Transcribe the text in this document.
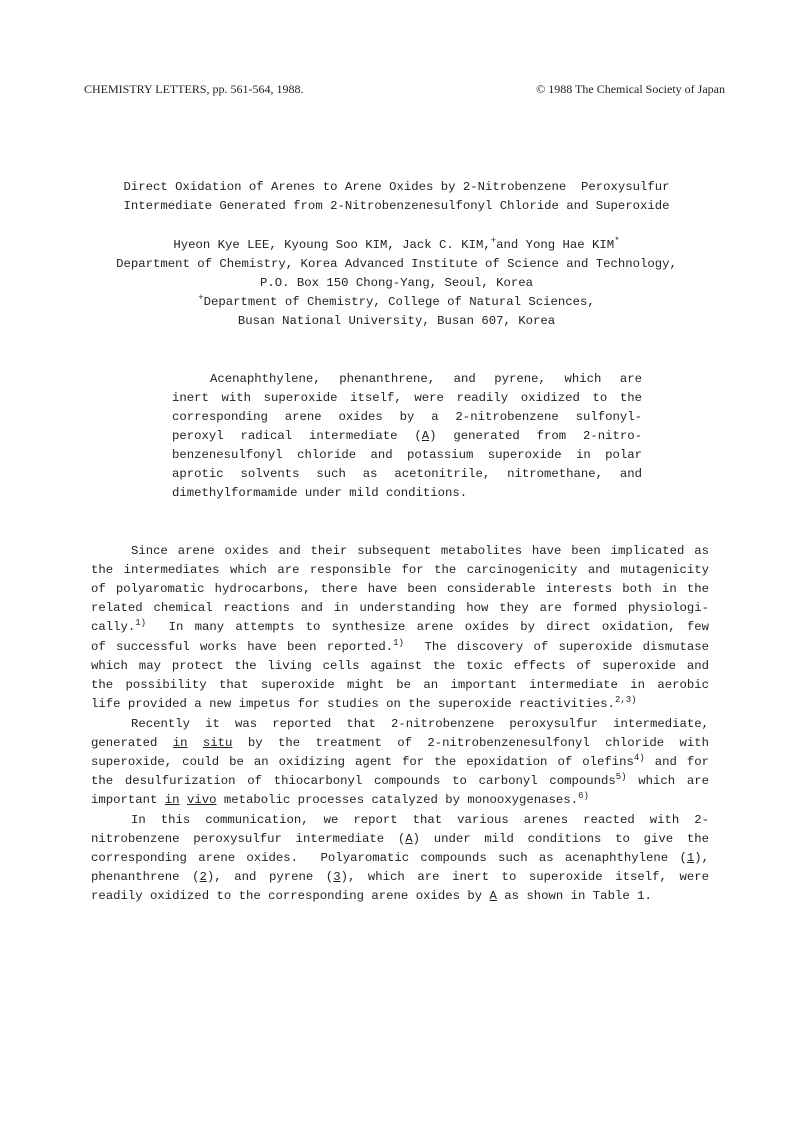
CHEMISTRY LETTERS, pp. 561-564, 1988.	© 1988 The Chemical Society of Japan
Direct Oxidation of Arenes to Arene Oxides by 2-Nitrobenzene  Peroxysulfur
Intermediate Generated from 2-Nitrobenzenesulfonyl Chloride and Superoxide
Hyeon Kye LEE, Kyoung Soo KIM, Jack C. KIM,+and Yong Hae KIM*
Department of Chemistry, Korea Advanced Institute of Science and Technology,
P.O. Box 150 Chong-Yang, Seoul, Korea
+Department of Chemistry, College of Natural Sciences,
Busan National University, Busan 607, Korea
Acenaphthylene,  phenanthrene,  and  pyrene,  which  are
inert with superoxide itself, were readily oxidized to the
corresponding arene oxides by a 2-nitrobenzene sulfonyl-
peroxyl radical intermediate (A) generated from 2-nitro-
benzenesulfonyl chloride and potassium superoxide in polar
aprotic solvents such as acetonitrile, nitromethane, and
dimethylformamide under mild conditions.
Since arene oxides and their subsequent metabolites have been implicated as
the intermediates which are responsible for the carcinogenicity and mutagenicity
of polyaromatic hydrocarbons, there have been considerable interests both in the
related chemical reactions and in understanding how they are formed physiologi-
cally.$^{1)}$  In many attempts to synthesize arene oxides by direct oxidation, few
of successful works have been reported.$^{1)}$  The discovery of superoxide dismutase
which may protect the living cells against the toxic effects of superoxide and
the possibility that superoxide might be an important intermediate in aerobic
life provided a new impetus for studies on the superoxide reactivities.$^{2,3)}$
Recently it was reported that 2-nitrobenzene peroxysulfur intermediate,
generated in situ by the treatment of 2-nitrobenzenesulfonyl chloride with
superoxide, could be an oxidizing agent for the epoxidation of olefins$^{4)}$ and for
the desulfurization of thiocarbonyl compounds to carbonyl compounds$^{5)}$ which are
important in vivo metabolic processes catalyzed by monooxygenases.$^{6)}$
In this communication, we report that various arenes reacted with 2-
nitrobenzene peroxysulfur intermediate (A) under mild conditions to give the
corresponding arene oxides.  Polyaromatic compounds such as acenaphthylene (1),
phenanthrene (2), and pyrene (3), which are inert to superoxide itself, were
readily oxidized to the corresponding arene oxides by A as shown in Table 1.
